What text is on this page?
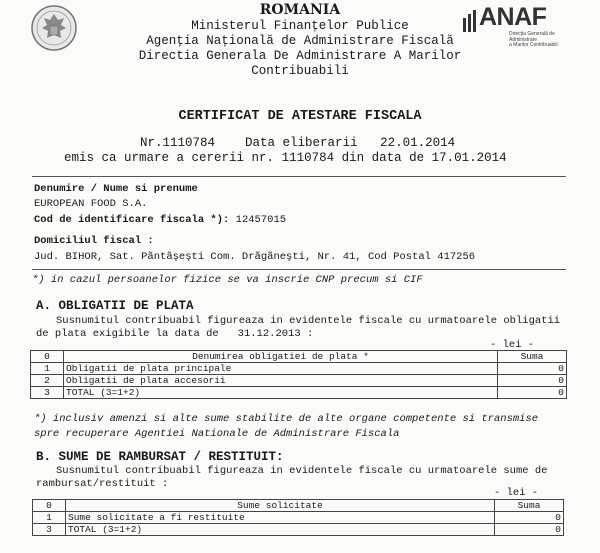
ROMANIA
Ministerul Finanţelor Publice
Agenţia Naţională de Administrare Fiscală
Directia Generala De Administrare A Marilor
Contribuabili
ANAF
Direcţia Generală de Administrare
a Marilor Contribuabili
CERTIFICAT DE ATESTARE FISCALA
Nr.1110784 Data eliberarii 22.01.2014
emis ca urmare a cererii nr. 1110784 din data de 17.01.2014
Denumire / Nume si prenume
EUROPEAN FOOD S.A.
Cod de identificare fiscala *): 12457015
Domiciliul fiscal :
Jud. BIHOR, Sat. Pãntãşeşti Com. Drãgãneşti, Nr. 41, Cod Postal 417256
*) in cazul persoanelor fizice se va inscrie CNP precum si CIF
A. OBLIGATII DE PLATA
Susnumitul contribuabil figureaza in evidentele fiscale cu urmatoarele obligatii
de plata exigibile la data de 31.12.2013 :
- lei -
0	Denumirea obligatiei de plata *	Suma
1	Obligatii de plata principale	0
2	Obligatii de plata accesorii	0
3	TOTAL (3=1+2)	0
*) inclusiv amenzi si alte sume stabilite de alte organe competente si transmise
spre recuperare Agentiei Nationale de Administrare Fiscala
B. SUME DE RAMBURSAT / RESTITUIT:
Susnumitul contribuabil figureaza in evidentele fiscale cu urmatoarele sume de
rambursat/restituit :
- lei -
0	Sume solicitate	Suma
1	Sume solicitate a fi restituite	0
3	TOTAL (3=1+2)	0
